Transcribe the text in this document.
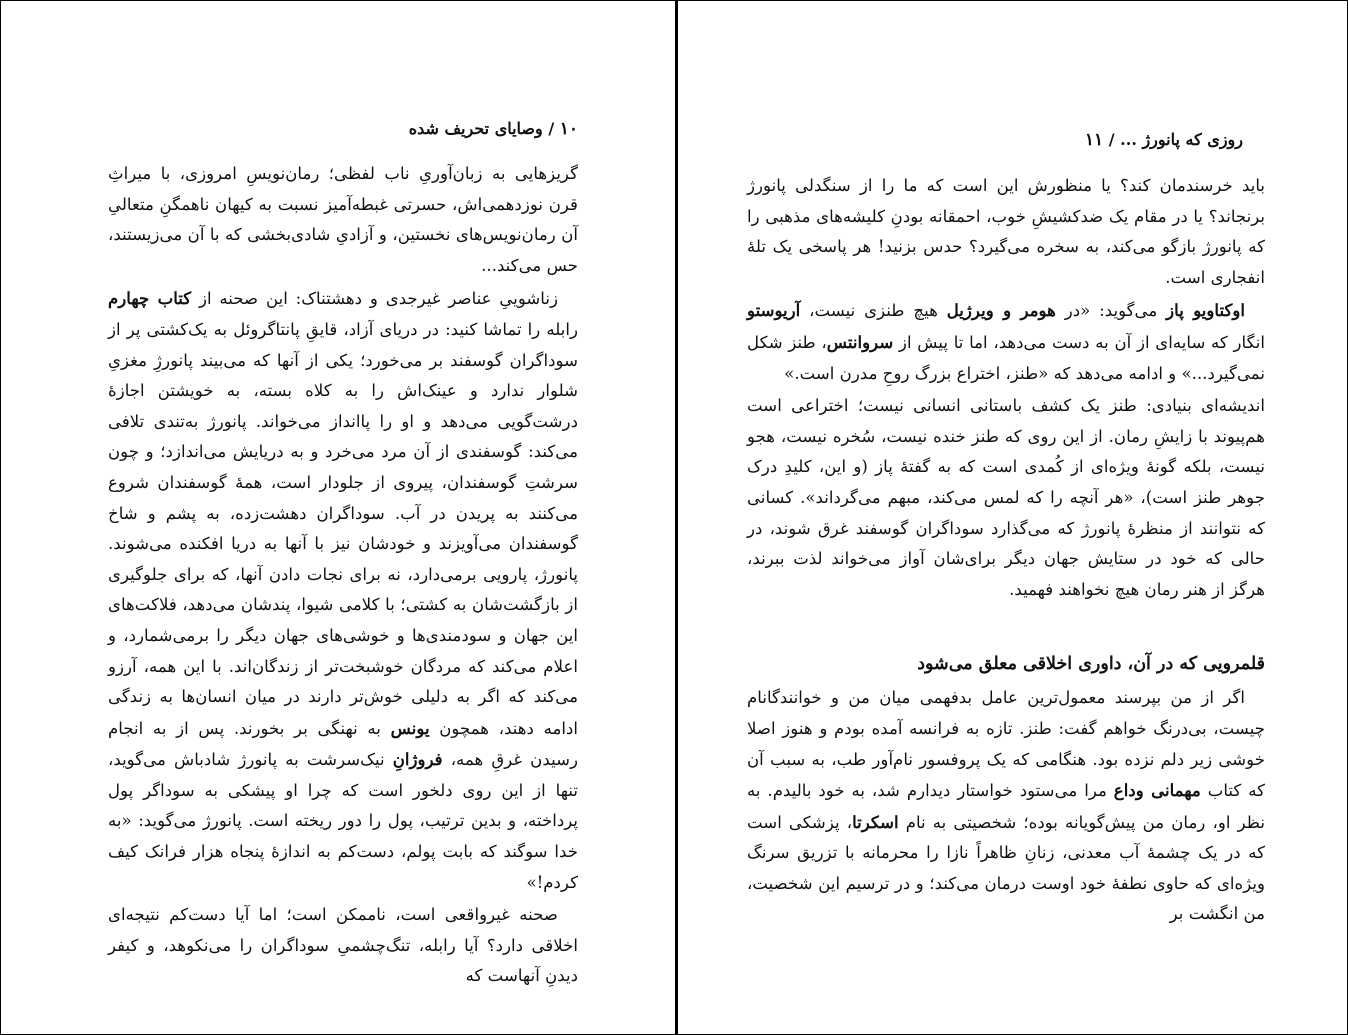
۱۰ / وصایای تحریف شده

گریزهایی به زبان‌آوریِ ناب لفظی؛ رمان‌نویسِ امروزی، با میراثِ قرن نوزدهمی‌اش، حسرتی غبطه‌آمیز نسبت به کیهان ناهمگنِ متعالیِ آن رمان‌نویس‌های نخستین، و آزادیِ شادی‌بخشی که با آن می‌زیستند، حس می‌کند...

زناشوییِ عناصر غیرجدی و دهشتناک: این صحنه از کتاب چهارم رابله را تماشا کنید: در دریای آزاد، قایقِ پانتاگروئل به یک‌کشتی پر از سوداگران گوسفند بر می‌خورد؛ یکی از آنها که می‌بیند پانورژِ مغزیِ شلوار ندارد و عینک‌اش را به کلاه بسته، به خویشتن اجازهٔ درشت‌گویی می‌دهد و او را پاانداز می‌خواند. پانورژ به‌تندی تلافی می‌کند: گوسفندی از آن مرد می‌خرد و به دریایش می‌اندازد؛ و چون سرشتِ گوسفندان، پیروی از جلودار است، همهٔ گوسفندان شروع می‌کنند به پریدن در آب. سوداگران دهشت‌زده، به پشم و شاخ گوسفندان می‌آویزند و خودشان نیز با آنها به دریا افکنده می‌شوند. پانورژ، پارویی برمی‌دارد، نه برای نجات دادن آنها، که برای جلوگیری از بازگشت‌شان به کشتی؛ با کلامی شیوا، پندشان می‌دهد، فلاکت‌های این جهان و سودمندی‌ها و خوشی‌های جهان دیگر را برمی‌شمارد، و اعلام می‌کند که مردگان خوشبخت‌تر از زندگان‌اند. با این همه، آرزو می‌کند که اگر به دلیلی خوش‌تر دارند در میان انسان‌ها به زندگی ادامه دهند، همچون یونس به نهنگی بر بخورند. پس از به انجام رسیدن غرقِ همه، فروژانِ نیک‌سرشت به پانورژ شادباش می‌گوید، تنها از این روی دلخور است که چرا او پیشکی به سوداگر پول پرداخته، و بدین ترتیب، پول را دور ریخته است. پانورژ می‌گوید: «به خدا سوگند که بابت پولم، دست‌کم به اندازهٔ پنجاه هزار فرانک کیف کردم!»

صحنه غیرواقعی است، ناممکن است؛ اما آیا دست‌کم نتیجه‌ای اخلاقی دارد؟ آیا رابله، تنگ‌چشمیِ سوداگران را می‌نکوهد، و کیفر دیدنِ آنهاست که

روزی که پانورژ ... / ۱۱

باید خرسندمان کند؟ یا منظورش این است که ما را از سنگدلی پانورژ برنجاند؟ یا در مقام یک ضدکشیشِ خوب، احمقانه بودنِ کلیشه‌های مذهبی را که پانورژ بازگو می‌کند، به سخره می‌گیرد؟ حدس بزنید! هر پاسخی یک تلهٔ انفجاری است.

اوکتاویو پاز می‌گوید: «در هومر و ویرژیل هیچ طنزی نیست، آریوستو انگار که سایه‌ای از آن به دست می‌دهد، اما تا پیش از سروانتس، طنز شکل نمی‌گیرد...» و ادامه می‌دهد که «طنز، اختراع بزرگ روحِ مدرن است.»

اندیشه‌ای بنیادی: طنز یک کشف باستانی انسانی نیست؛ اختراعی است هم‌پیوند با زایشِ رمان. از این روی که طنز خنده نیست، سُخره نیست، هجو نیست، بلکه گونهٔ ویژه‌ای از کُمدی است که به گفتهٔ پاز (و این، کلیدِ درک جوهر طنز است)، «هر آنچه را که لمس می‌کند، مبهم می‌گرداند». کسانی که نتوانند از منظرهٔ پانورژ که می‌گذارد سوداگران گوسفند غرق شوند، در حالی که خود در ستایش جهان دیگر برای‌شان آواز می‌خواند لذت ببرند، هرگز از هنر رمان هیچ نخواهند فهمید.

قلمرویی که در آن، داوری اخلاقی معلق می‌شود

اگر از من بپرسند معمول‌ترین عامل بدفهمی میان من و خوانندگانام چیست، بی‌درنگ خواهم گفت: طنز. تازه به فرانسه آمده بودم و هنوز اصلا خوشی زیر دلم نزده بود. هنگامی که یک پروفسور نام‌آور طب، به سبب آن که کتاب مهمانی وداع مرا می‌ستود خواستار دیدارم شد، به خود بالیدم. به نظر او، رمان من پیش‌گویانه بوده؛ شخصیتی به نام اسکرتا، پزشکی است که در یک چشمهٔ آب معدنی، زنانِ ظاهراً نازا را محرمانه با تزریق سرنگ ویژه‌ای که حاوی نطفهٔ خود اوست درمان می‌کند؛ و در ترسیم این شخصیت، من انگشت بر
